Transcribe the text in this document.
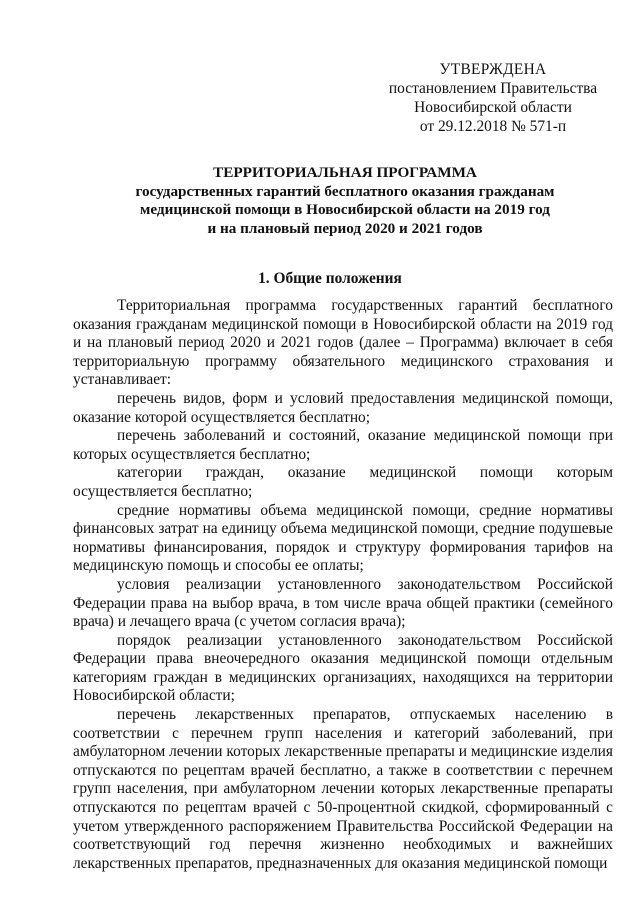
УТВЕРЖДЕНА
постановлением Правительства
Новосибирской области
от 29.12.2018 № 571-п
ТЕРРИТОРИАЛЬНАЯ ПРОГРАММА
государственных гарантий бесплатного оказания гражданам
медицинской помощи в Новосибирской области на 2019 год
и на плановый период 2020 и 2021 годов
1. Общие положения

Территориальная программа государственных гарантий бесплатного оказания гражданам медицинской помощи в Новосибирской области на 2019 год и на плановый период 2020 и 2021 годов (далее – Программа) включает в себя территориальную программу обязательного медицинского страхования и устанавливает:

перечень видов, форм и условий предоставления медицинской помощи, оказание которой осуществляется бесплатно;

перечень заболеваний и состояний, оказание медицинской помощи при которых осуществляется бесплатно;

категории граждан, оказание медицинской помощи которым осуществляется бесплатно;

средние нормативы объема медицинской помощи, средние нормативы финансовых затрат на единицу объема медицинской помощи, средние подушевые нормативы финансирования, порядок и структуру формирования тарифов на медицинскую помощь и способы ее оплаты;

условия реализации установленного законодательством Российской Федерации права на выбор врача, в том числе врача общей практики (семейного врача) и лечащего врача (с учетом согласия врача);

порядок реализации установленного законодательством Российской Федерации права внеочередного оказания медицинской помощи отдельным категориям граждан в медицинских организациях, находящихся на территории Новосибирской области;

перечень лекарственных препаратов, отпускаемых населению в соответствии с перечнем групп населения и категорий заболеваний, при амбулаторном лечении которых лекарственные препараты и медицинские изделия отпускаются по рецептам врачей бесплатно, а также в соответствии с перечнем групп населения, при амбулаторном лечении которых лекарственные препараты отпускаются по рецептам врачей с 50-процентной скидкой, сформированный с учетом утвержденного распоряжением Правительства Российской Федерации на соответствующий год перечня жизненно необходимых и важнейших лекарственных препаратов, предназначенных для оказания медицинской помощи
